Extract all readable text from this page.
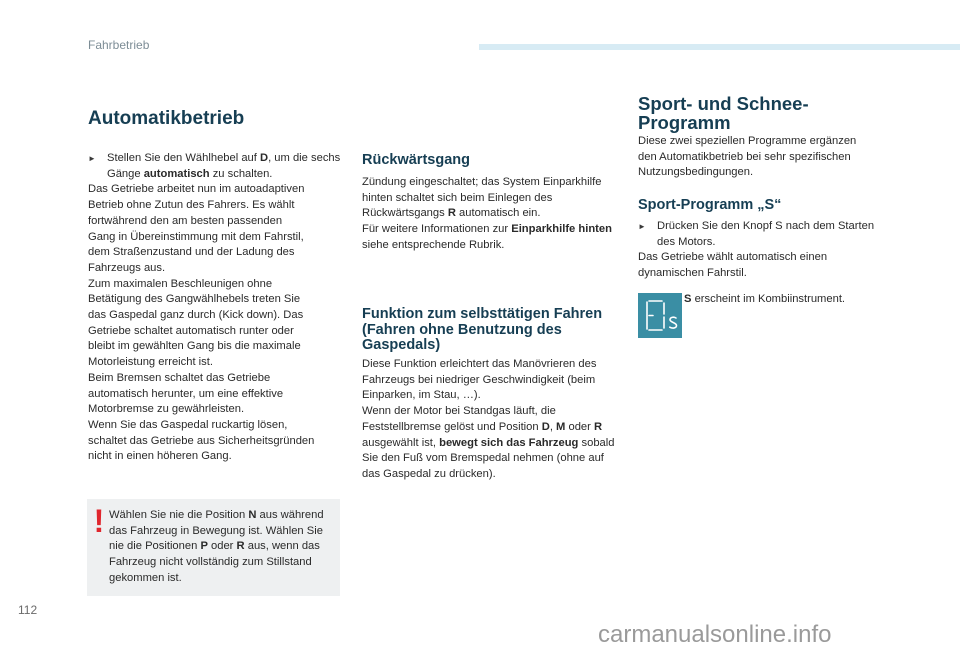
Fahrbetrieb
Automatikbetrieb

► Stellen Sie den Wählhebel auf D, um die sechs Gänge automatisch zu schalten.

Das Getriebe arbeitet nun im autoadaptiven

Betrieb ohne Zutun des Fahrers. Es wählt

fortwährend den am besten passenden

Gang in Übereinstimmung mit dem Fahrstil,

dem Straßenzustand und der Ladung des

Fahrzeugs aus.

Zum maximalen Beschleunigen ohne

Betätigung des Gangwählhebels treten Sie

das Gaspedal ganz durch (Kick down). Das

Getriebe schaltet automatisch runter oder

bleibt im gewählten Gang bis die maximale

Motorleistung erreicht ist.

Beim Bremsen schaltet das Getriebe

automatisch herunter, um eine effektive

Motorbremse zu gewährleisten.

Wenn Sie das Gaspedal ruckartig lösen,

schaltet das Getriebe aus Sicherheitsgründen

nicht in einen höheren Gang.

! Wählen Sie nie die Position N aus während das Fahrzeug in Bewegung ist. Wählen Sie nie die Positionen P oder R aus, wenn das Fahrzeug nicht vollständig zum Stillstand gekommen ist.
Rückwärtsgang

Zündung eingeschaltet; das System Einparkhilfe hinten schaltet sich beim Einlegen des Rückwärtsgangs R automatisch ein.

Für weitere Informationen zur Einparkhilfe hinten siehe entsprechende Rubrik.

Funktion zum selbsttätigen Fahren (Fahren ohne Benutzung des Gaspedals)

Diese Funktion erleichtert das Manövrieren des Fahrzeugs bei niedriger Geschwindigkeit (beim Einparken, im Stau, …).

Wenn der Motor bei Standgas läuft, die Feststellbremse gelöst und Position D, M oder R ausgewählt ist, bewegt sich das Fahrzeug sobald Sie den Fuß vom Bremspedal nehmen (ohne auf das Gaspedal zu drücken).

Sport- und Schnee-Programm
Diese zwei speziellen Programme ergänzen den Automatikbetrieb bei sehr spezifischen Nutzungsbedingungen.
Sport-Programm „S“

► Drücken Sie den Knopf S nach dem Starten des Motors.

Das Getriebe wählt automatisch einen dynamischen Fahrstil.

S erscheint im Kombiinstrument.
112
carmanualsonline.info
